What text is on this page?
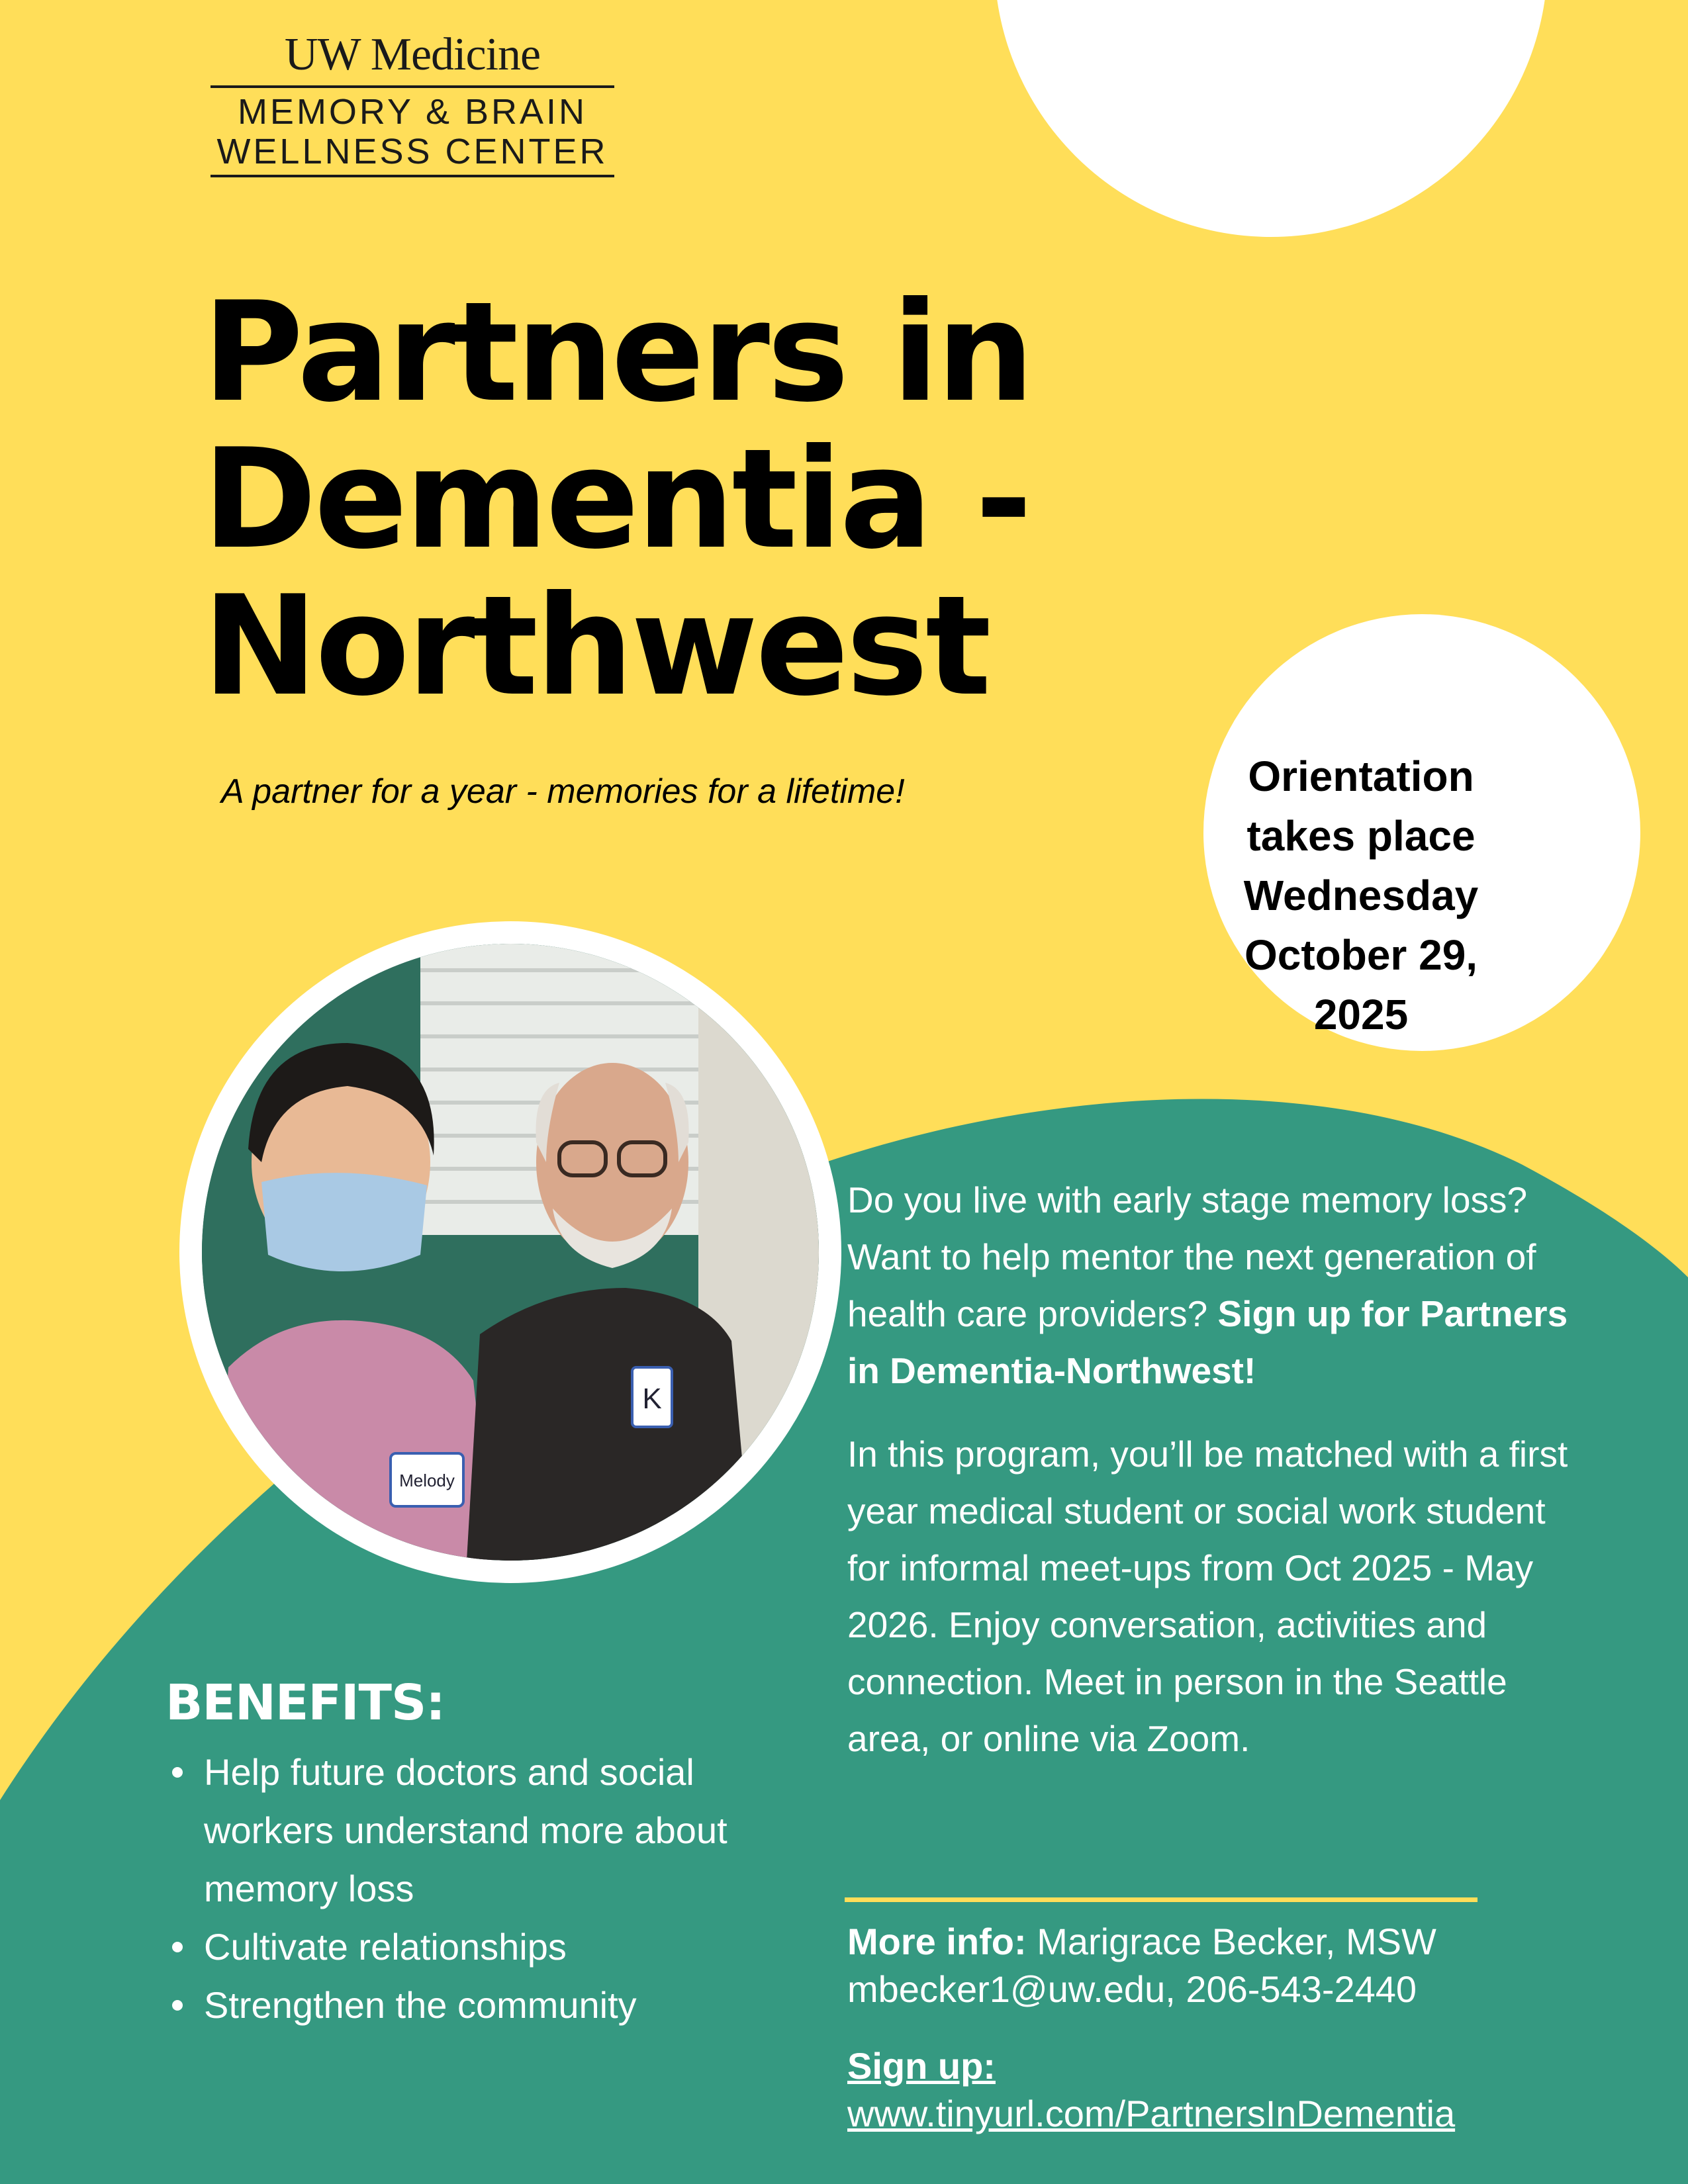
UW Medicine
MEMORY & BRAIN
WELLNESS CENTER
Partners in
Dementia -
Northwest
A partner for a year - memories for a lifetime!	Orientation
takes place
Wednesday
October 29,
2025
Melody
K

Do you live with early stage memory loss? Want to help mentor the next generation of health care providers? Sign up for Partners in Dementia-Northwest!

In this program, you’ll be matched with a first year medical student or social work student for informal meet-ups from Oct 2025 - May 2026. Enjoy conversation, activities and connection. Meet in person in the Seattle area, or online via Zoom.

More info: Marigrace Becker, MSW
mbecker1@uw.edu, 206-543-2440
Sign up:
www.tinyurl.com/PartnersInDementia
BENEFITS:
Help future doctors and social workers understand more about memory loss
Cultivate relationships
Strengthen the community
